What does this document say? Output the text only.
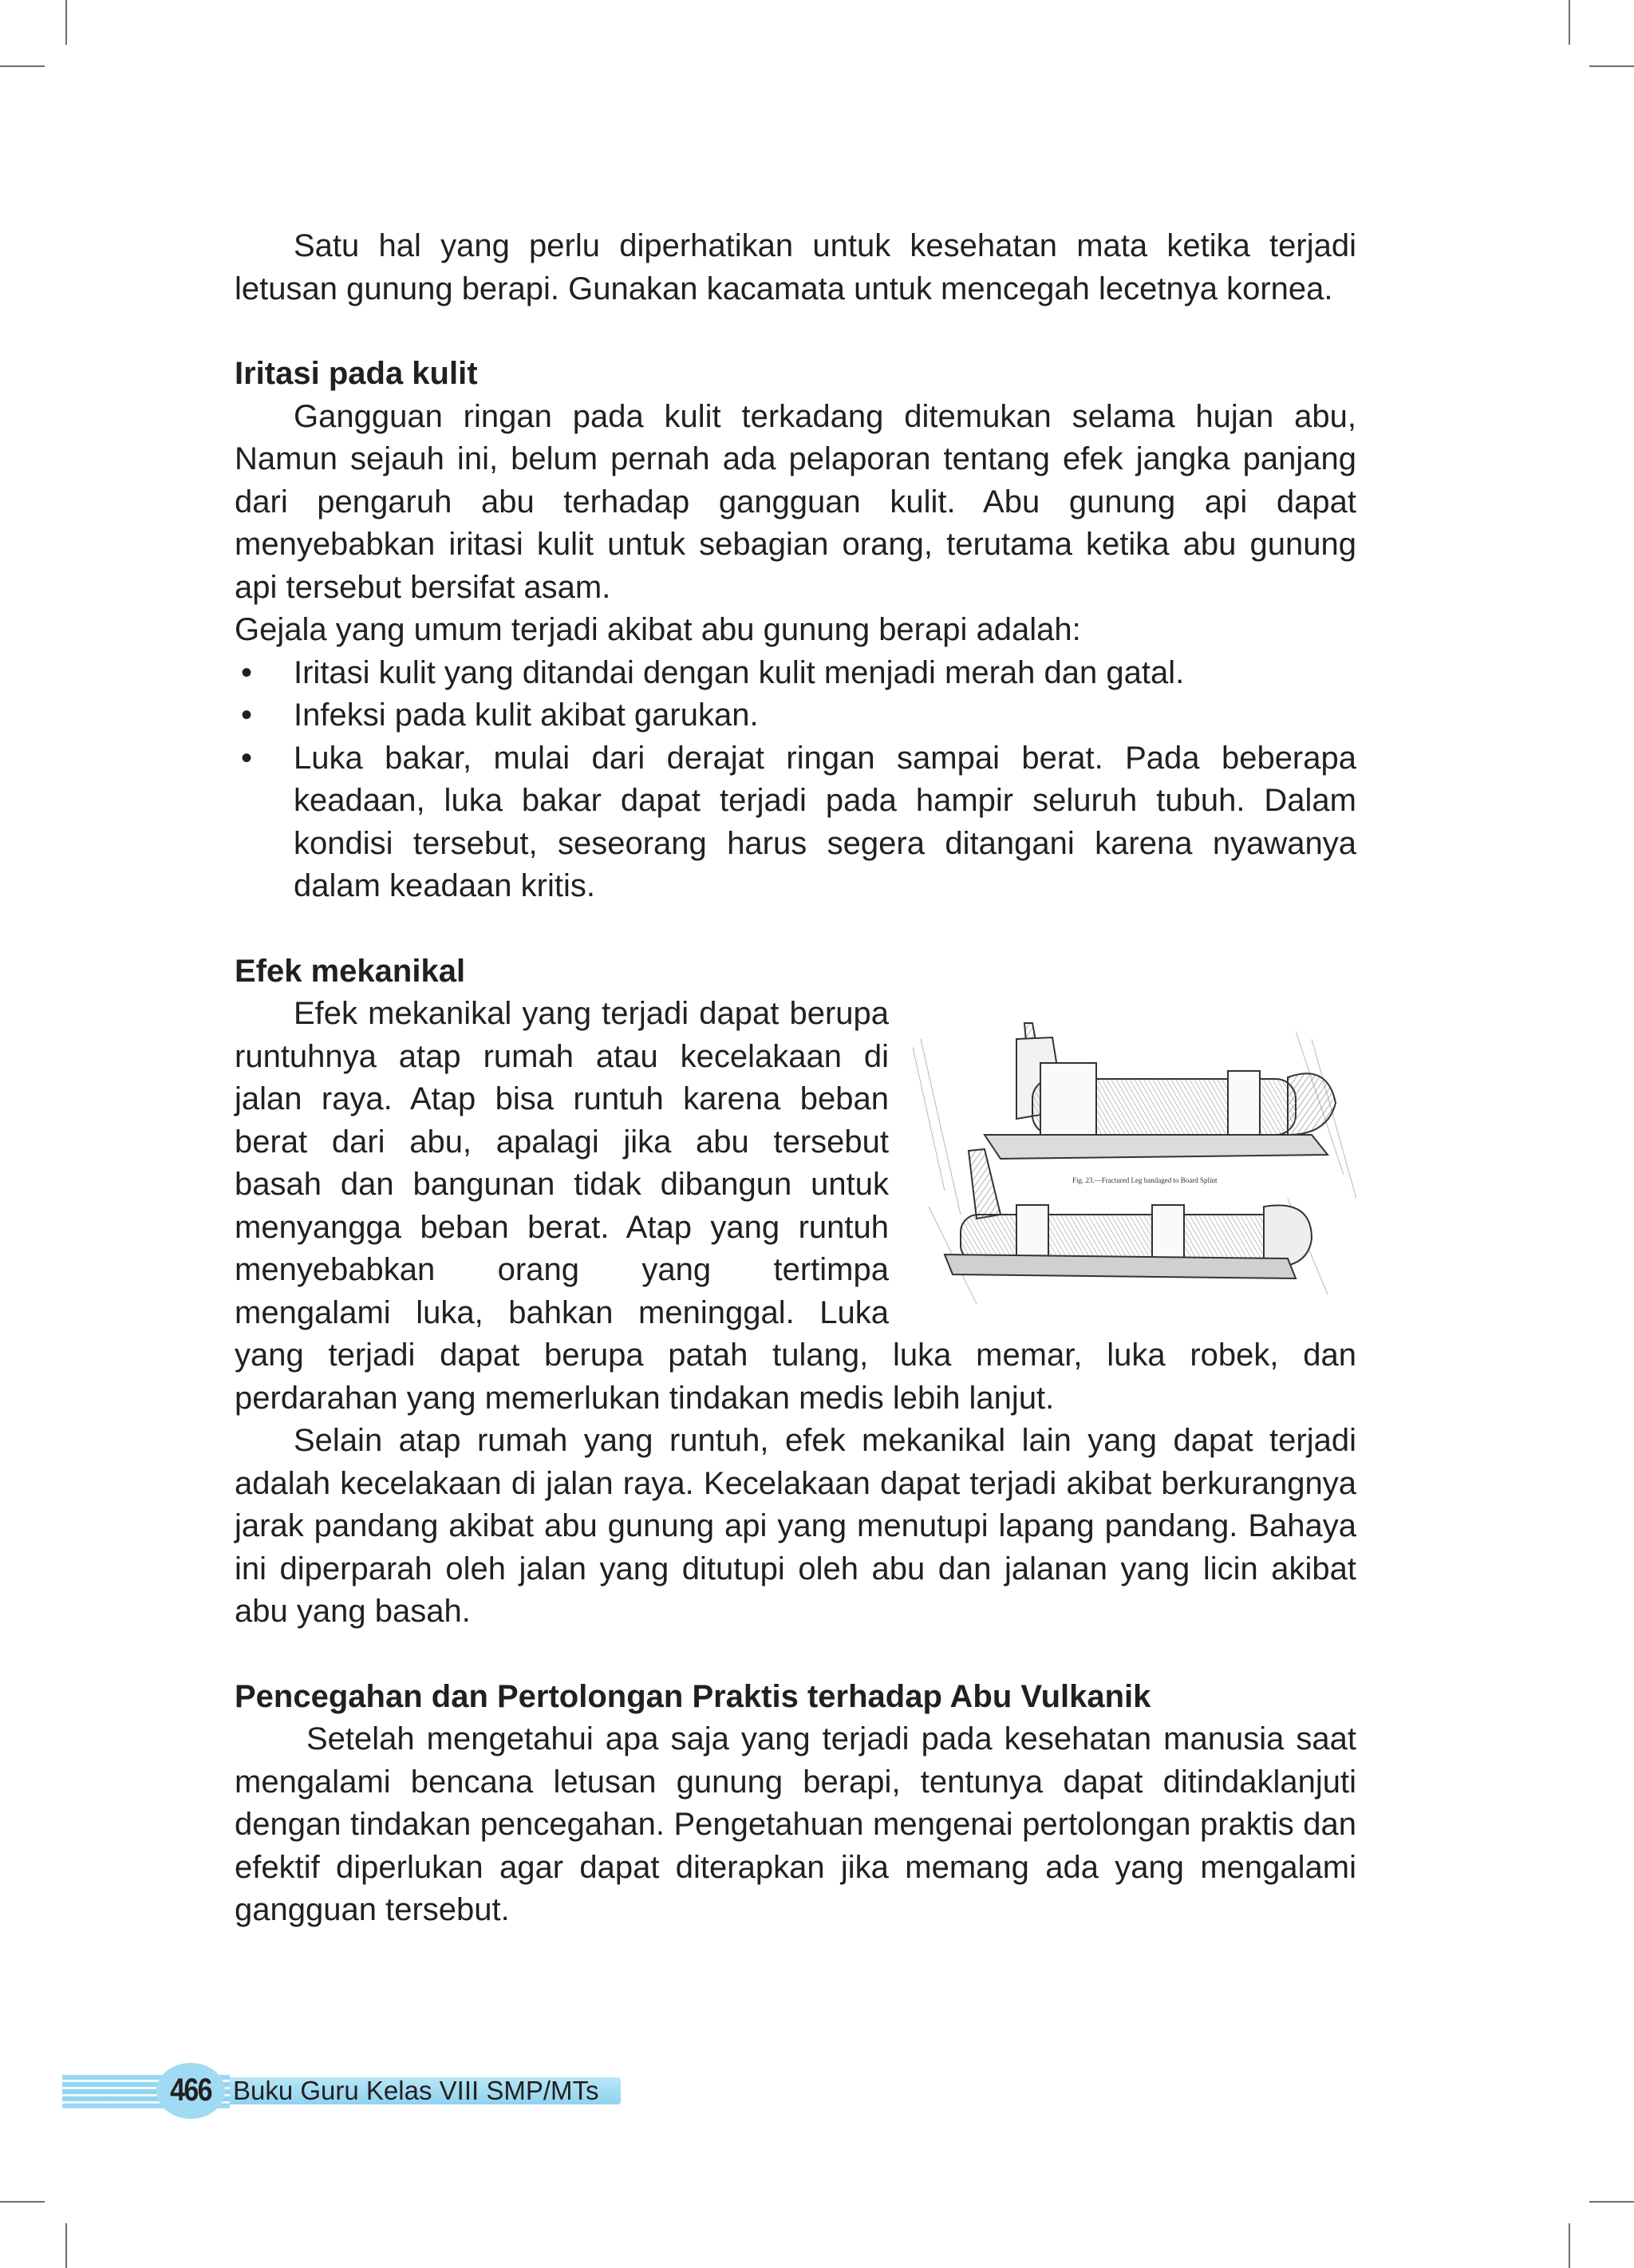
Satu hal yang perlu diperhatikan untuk kesehatan mata ketika terjadi letusan gunung berapi. Gunakan kacamata untuk mencegah lecetnya kornea.

Iritasi pada kulit

Gangguan ringan pada kulit terkadang ditemukan selama hujan abu, Namun sejauh ini, belum pernah ada pelaporan tentang efek jangka panjang dari pengaruh abu terhadap gangguan kulit. Abu gunung api dapat menyebabkan iritasi kulit untuk sebagian orang, terutama ketika abu gunung api tersebut bersifat asam.

Gejala yang umum terjadi akibat abu gunung berapi adalah:

• Iritasi kulit yang ditandai dengan kulit menjadi merah dan gatal.
• Infeksi pada kulit akibat garukan.
• Luka bakar, mulai dari derajat ringan sampai berat. Pada beberapa keadaan, luka bakar dapat terjadi pada hampir seluruh tubuh. Dalam kondisi tersebut, seseorang harus segera ditangani karena nyawanya dalam keadaan kritis.

Efek mekanikal

Fig. 23.—Fractured Leg bandaged to Board Splint

Efek mekanikal yang terjadi dapat berupa runtuhnya atap rumah atau kecelakaan di jalan raya. Atap bisa runtuh karena beban berat dari abu, apalagi jika abu tersebut basah dan bangunan tidak dibangun untuk menyangga beban berat. Atap yang runtuh menyebabkan orang yang tertimpa mengalami luka, bahkan meninggal. Luka yang terjadi dapat berupa patah tulang, luka memar, luka robek, dan perdarahan yang memerlukan tindakan medis lebih lanjut.

Selain atap rumah yang runtuh, efek mekanikal lain yang dapat terjadi adalah kecelakaan di jalan raya. Kecelakaan dapat terjadi akibat berkurangnya jarak pandang akibat abu gunung api yang menutupi lapang pandang. Bahaya ini diperparah oleh jalan yang ditutupi oleh abu dan jalanan yang licin akibat abu yang basah.

Pencegahan dan Pertolongan Praktis terhadap Abu Vulkanik

Setelah mengetahui apa saja yang terjadi pada kesehatan manusia saat mengalami bencana letusan gunung berapi, tentunya dapat ditindaklanjuti dengan tindakan pencegahan. Pengetahuan mengenai pertolongan praktis dan efektif diperlukan agar dapat diterapkan jika memang ada yang mengalami gangguan tersebut.

466 Buku Guru Kelas VIII SMP/MTs
